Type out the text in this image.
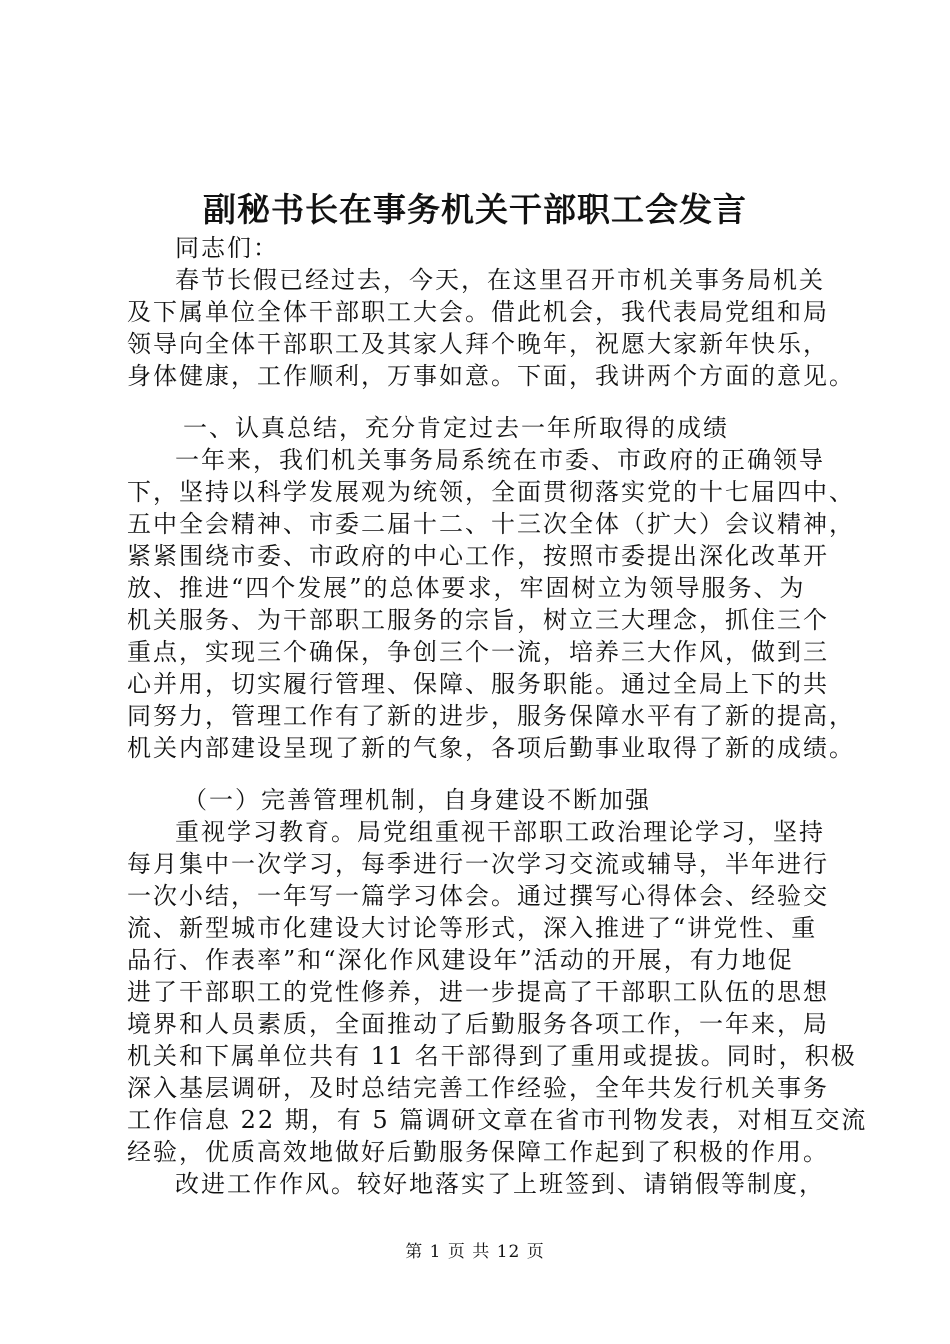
副秘书长在事务机关干部职工会发言
同志们：
春节长假已经过去，今天，在这里召开市机关事务局机关
及下属单位全体干部职工大会。借此机会，我代表局党组和局
领导向全体干部职工及其家人拜个晚年，祝愿大家新年快乐，
身体健康，工作顺利，万事如意。下面，我讲两个方面的意见。
一、认真总结，充分肯定过去一年所取得的成绩
一年来，我们机关事务局系统在市委、市政府的正确领导
下，坚持以科学发展观为统领，全面贯彻落实党的十七届四中、
五中全会精神、市委二届十二、十三次全体（扩大）会议精神，
紧紧围绕市委、市政府的中心工作，按照市委提出深化改革开
放、推进“四个发展”的总体要求，牢固树立为领导服务、为
机关服务、为干部职工服务的宗旨，树立三大理念，抓住三个
重点，实现三个确保，争创三个一流，培养三大作风，做到三
心并用，切实履行管理、保障、服务职能。通过全局上下的共
同努力，管理工作有了新的进步，服务保障水平有了新的提高，
机关内部建设呈现了新的气象，各项后勤事业取得了新的成绩。
（一）完善管理机制，自身建设不断加强
重视学习教育。局党组重视干部职工政治理论学习，坚持
每月集中一次学习，每季进行一次学习交流或辅导，半年进行
一次小结，一年写一篇学习体会。通过撰写心得体会、经验交
流、新型城市化建设大讨论等形式，深入推进了“讲党性、重
品行、作表率”和“深化作风建设年”活动的开展，有力地促
进了干部职工的党性修养，进一步提高了干部职工队伍的思想
境界和人员素质，全面推动了后勤服务各项工作，一年来，局
机关和下属单位共有 11 名干部得到了重用或提拔。同时，积极
深入基层调研，及时总结完善工作经验，全年共发行机关事务
工作信息 22 期，有 5 篇调研文章在省市刊物发表，对相互交流
经验，优质高效地做好后勤服务保障工作起到了积极的作用。
改进工作作风。较好地落实了上班签到、请销假等制度，
第 1 页 共 12 页
